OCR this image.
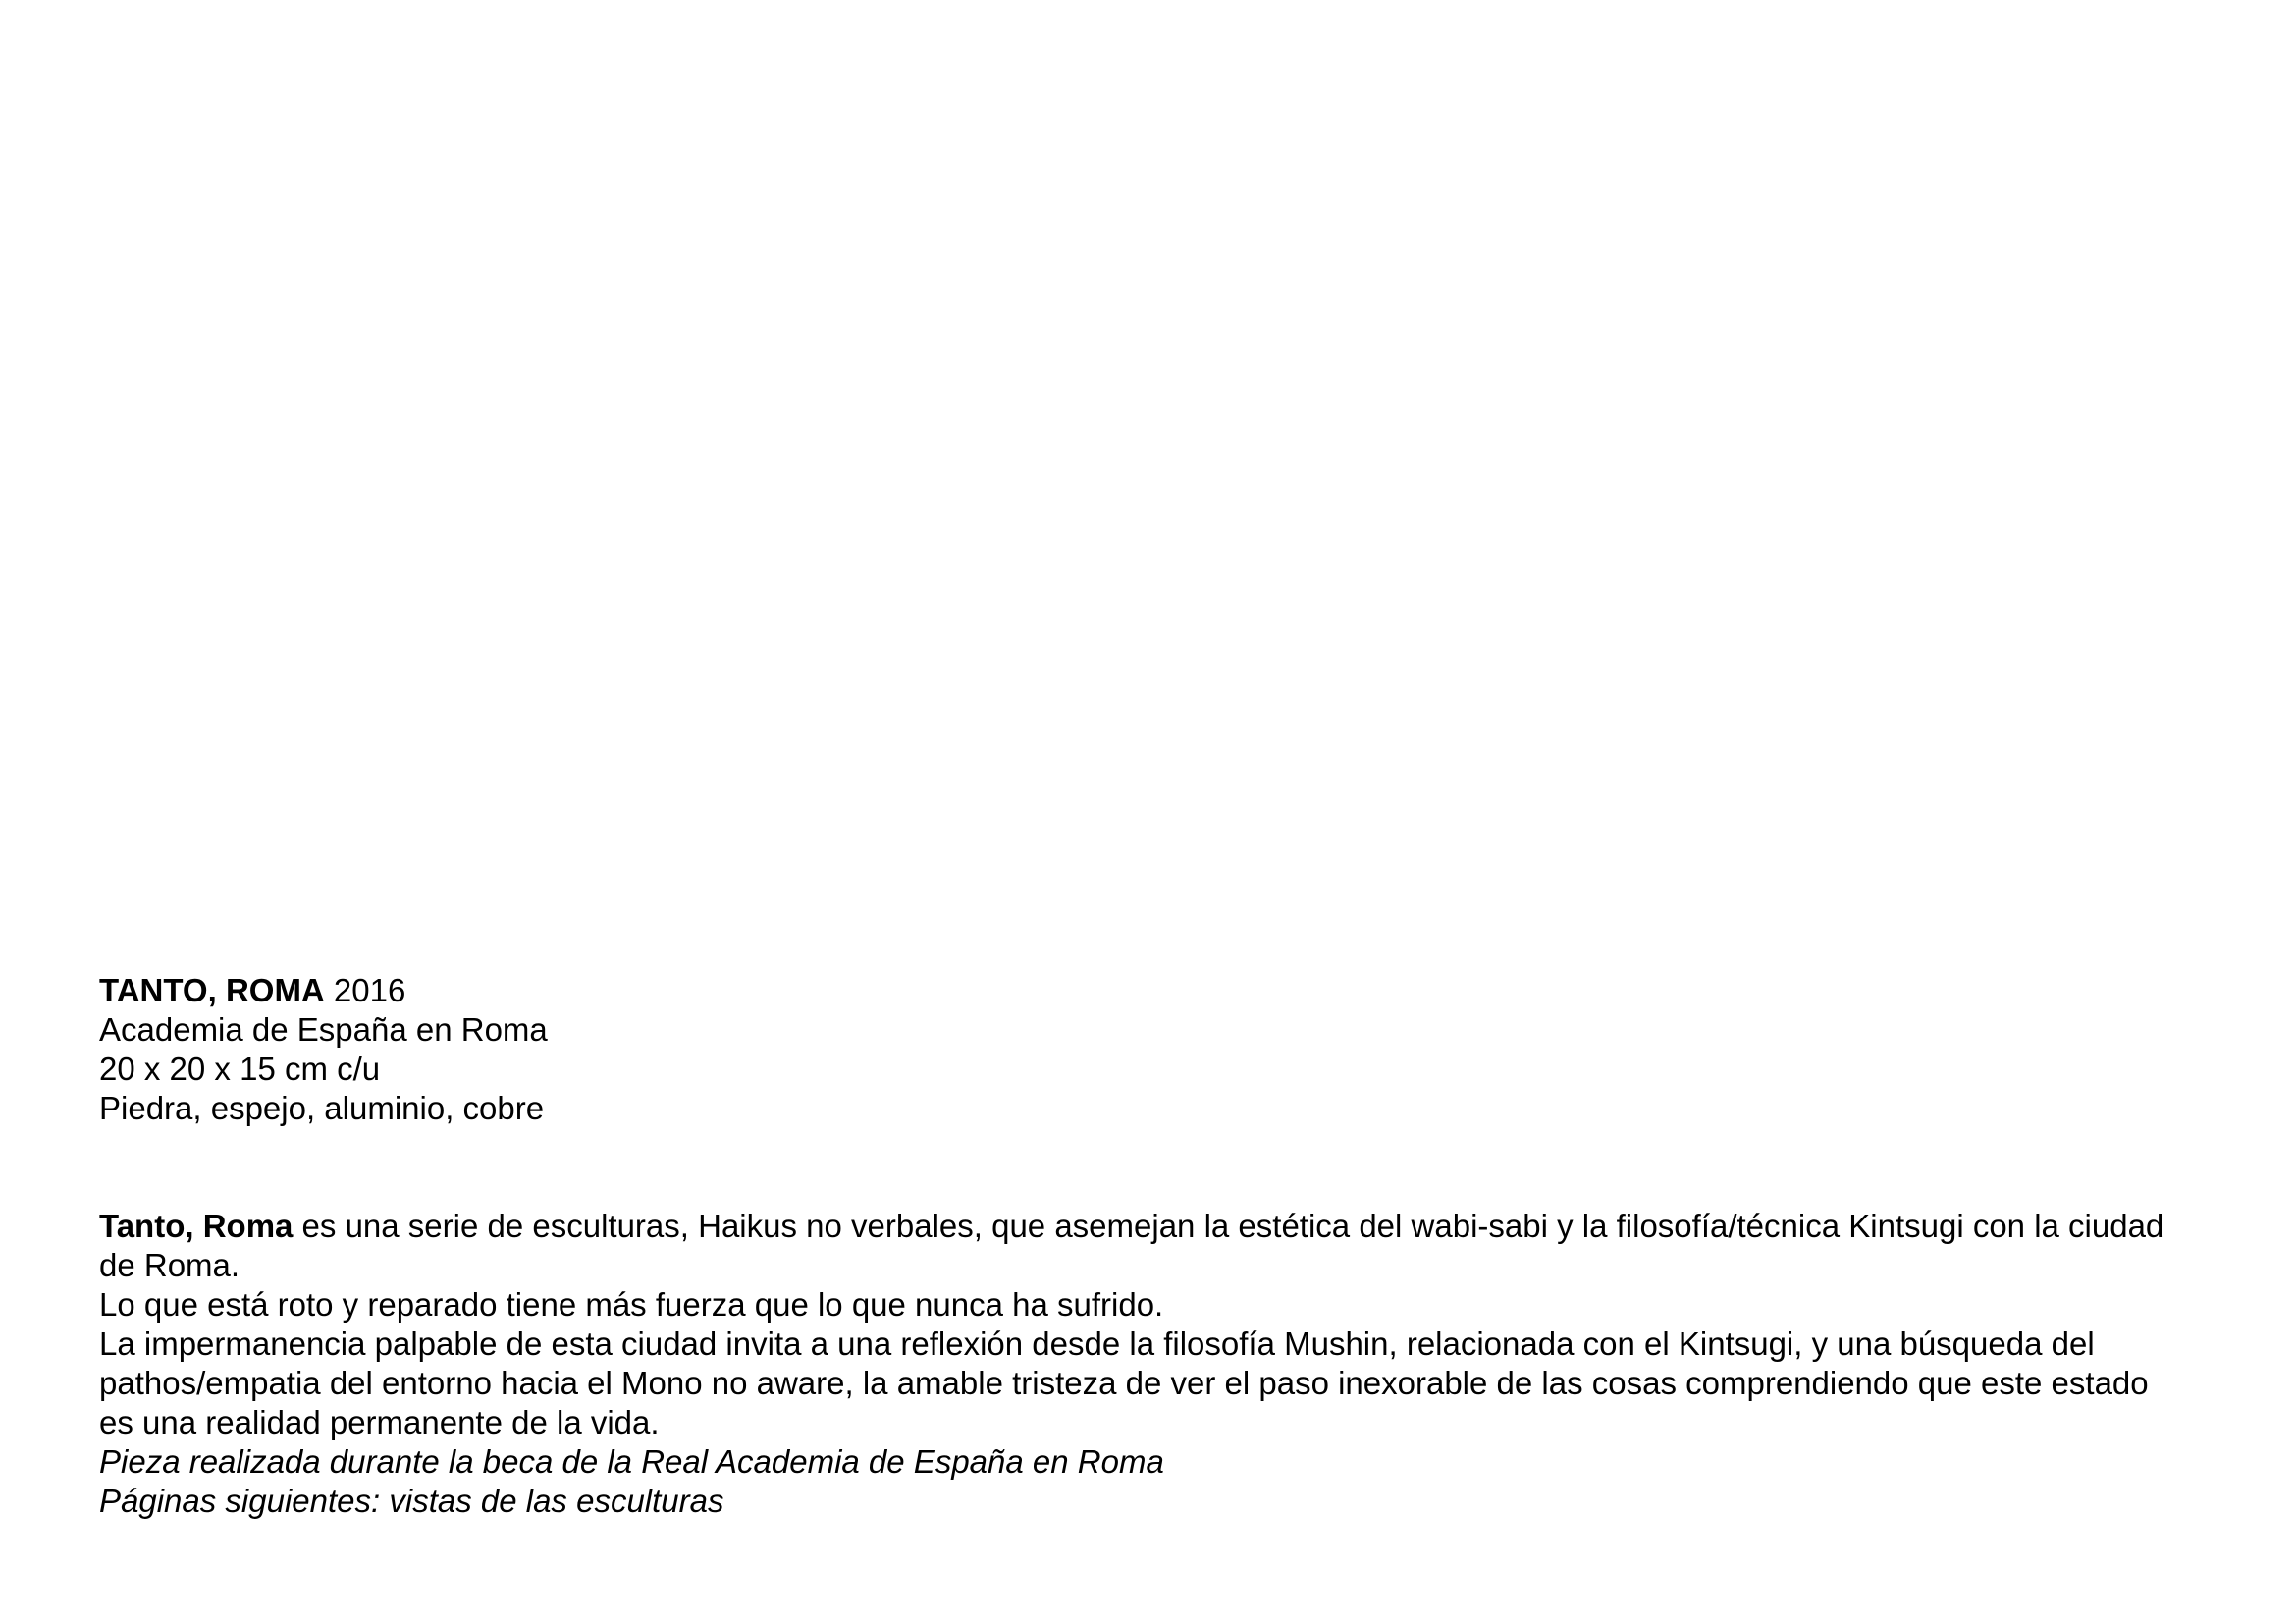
TANTO, ROMA 2016
Academia de España en Roma
20 x 20 x 15 cm c/u
Piedra, espejo, aluminio, cobre
Tanto, Roma es una serie de esculturas, Haikus no verbales, que asemejan la estética del wabi-sabi y la filosofía/técnica Kintsugi con la ciudad
de Roma.
Lo que está roto y reparado tiene más fuerza que lo que nunca ha sufrido.
La impermanencia palpable de esta ciudad invita a una reflexión desde la filosofía Mushin, relacionada con el Kintsugi, y una búsqueda del
pathos/empatia del entorno hacia el Mono no aware, la amable tristeza de ver el paso inexorable de las cosas comprendiendo que este estado
es una realidad permanente de la vida.
Pieza realizada durante la beca de la Real Academia de España en Roma
Páginas siguientes: vistas de las esculturas
